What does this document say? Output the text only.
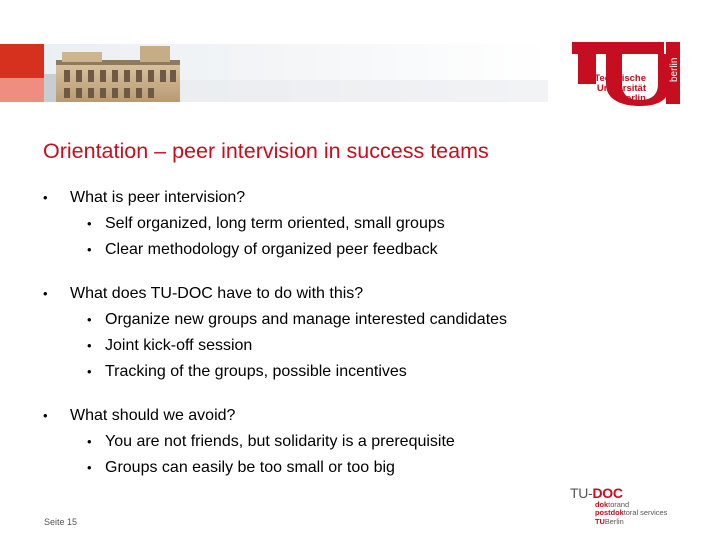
berlin
Technische
Universität
Berlin
Orientation – peer intervision in success teams
• What is peer intervision?
• Self organized, long term oriented, small groups
• Clear methodology of organized peer feedback
• What does TU-DOC have to do with this?
• Organize new groups and manage interested candidates
• Joint kick-off session
• Tracking of the groups, possible incentives
• What should we avoid?
• You are not friends, but solidarity is a prerequisite
• Groups can easily be too small or too big
Seite 15
TU-DOC
doktorand
postdoktoral services
TUBerlin
